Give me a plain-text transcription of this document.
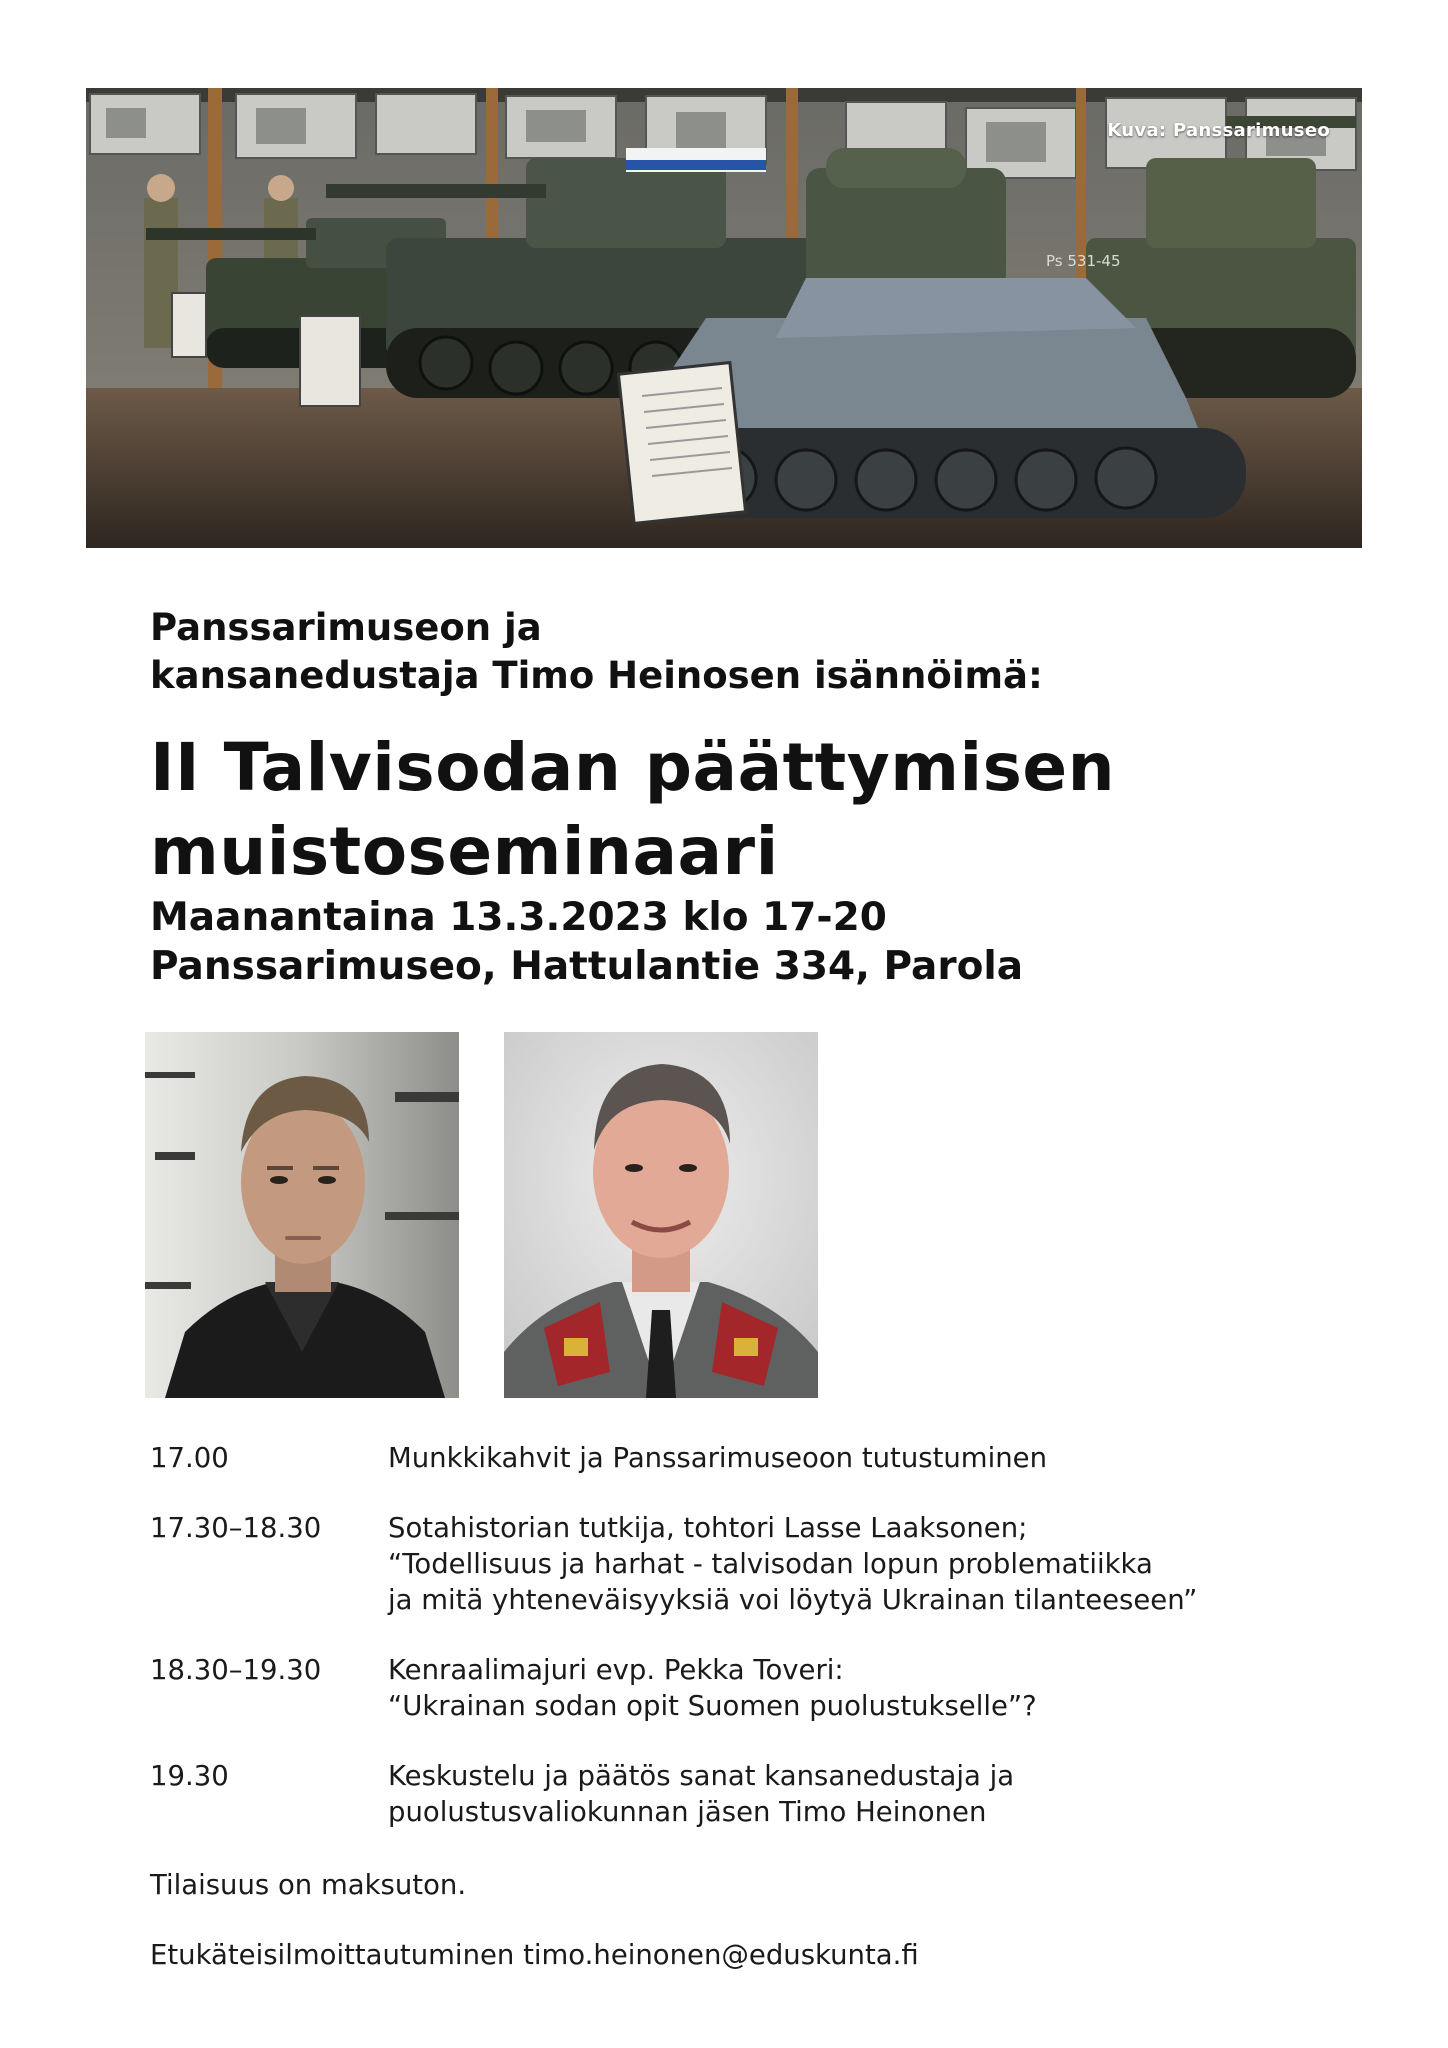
Ps 531-45
Kuva: Panssarimuseo
Panssarimuseon ja
kansanedustaja Timo Heinosen isännöimä:
II Talvisodan päättymisen
muistoseminaari
Maanantaina 13.3.2023 klo 17-20
Panssarimuseo, Hattulantie 334, Parola
17.00	Munkkikahvit ja Panssarimuseoon tutustuminen
17.30–18.30	Sotahistorian tutkija, tohtori Lasse Laaksonen;
“Todellisuus ja harhat - talvisodan lopun problematiikka
ja mitä yhteneväisyyksiä voi löytyä Ukrainan tilanteeseen”
18.30–19.30	Kenraalimajuri evp. Pekka Toveri:
“Ukrainan sodan opit Suomen puolustukselle”?
19.30	Keskustelu ja päätös sanat kansanedustaja ja
puolustusvaliokunnan jäsen Timo Heinonen
Tilaisuus on maksuton.
Etukäteisilmoittautuminen timo.heinonen@eduskunta.fi
